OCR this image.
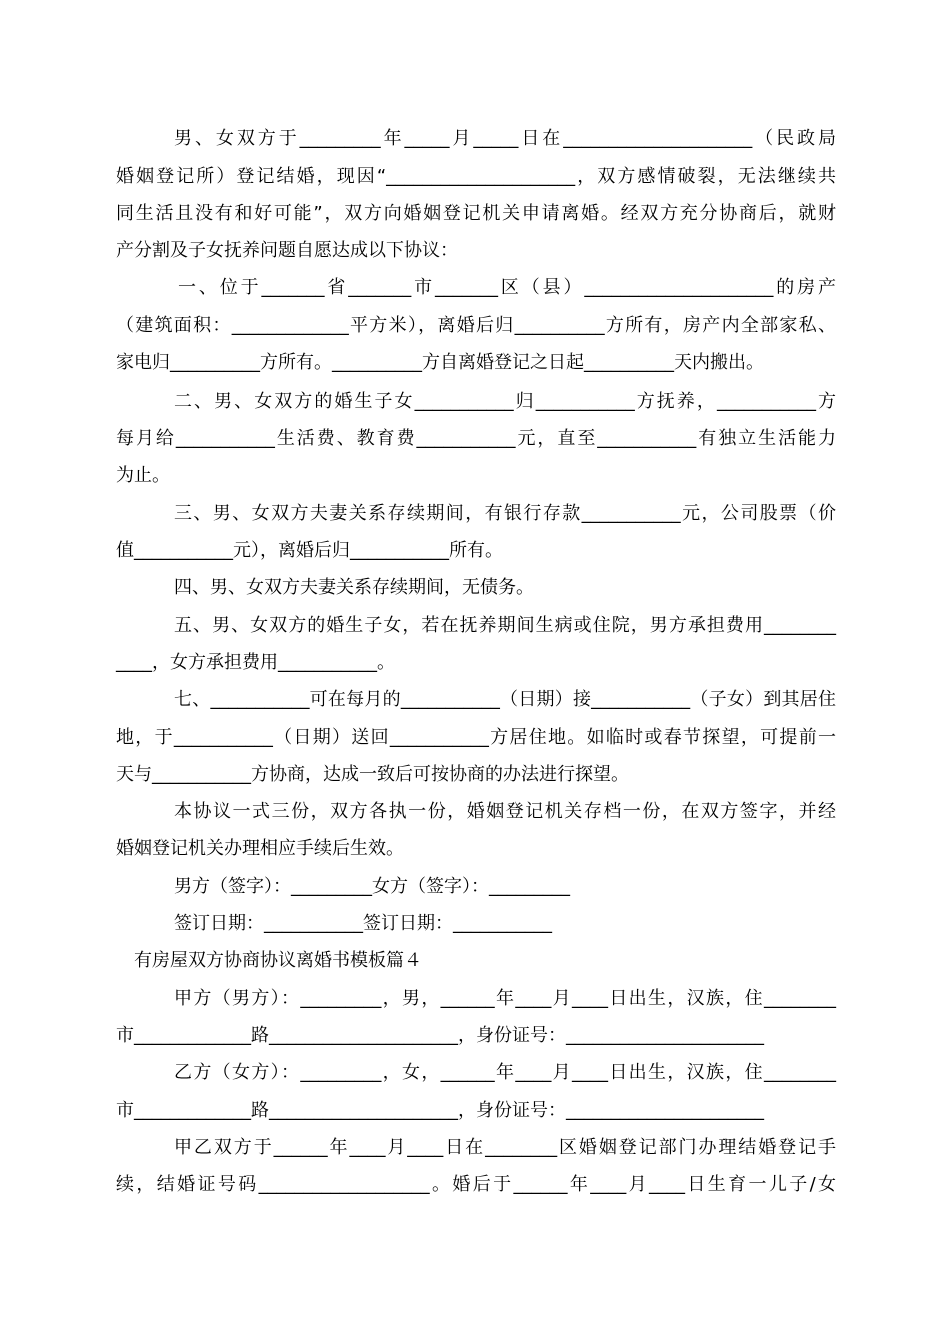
男、女双方于_________年_____月_____日在_____________________（民政局
婚姻登记所）登记结婚，现因“_____________________，双方感情破裂，无法继续共
同生活且没有和好可能”，双方向婚姻登记机关申请离婚。经双方充分协商后，就财
产分割及子女抚养问题自愿达成以下协议：
一、位于_______省_______市_______区（县）_____________________的房产
（建筑面积：_____________平方米），离婚后归__________方所有，房产内全部家私、
家电归__________方所有。__________方自离婚登记之日起__________天内搬出。
二、男、女双方的婚生子女___________归___________方抚养，___________方
每月给___________生活费、教育费___________元，直至___________有独立生活能力
为止。
三、男、女双方夫妻关系存续期间，有银行存款___________元，公司股票（价
值___________元），离婚后归___________所有。
四、男、女双方夫妻关系存续期间，无债务。
五、男、女双方的婚生子女，若在抚养期间生病或住院，男方承担费用________
____，女方承担费用___________。
七、___________可在每月的___________（日期）接___________（子女）到其居住
地，于___________（日期）送回___________方居住地。如临时或春节探望，可提前一
天与___________方协商，达成一致后可按协商的办法进行探望。
本协议一式三份，双方各执一份，婚姻登记机关存档一份，在双方签字，并经
婚姻登记机关办理相应手续后生效。
男方（签字）：_________女方（签字）：_________
签订日期：___________签订日期：___________
有房屋双方协商协议离婚书模板篇４
甲方（男方）：_________，男，______年____月____日出生，汉族，住________
市_____________路_____________________，身份证号：______________________
乙方（女方）：_________，女，______年____月____日出生，汉族，住________
市_____________路_____________________，身份证号：______________________
甲乙双方于______年____月____日在________区婚姻登记部门办理结婚登记手
续，结婚证号码___________________。婚后于______年____月____日生育一儿子/女
